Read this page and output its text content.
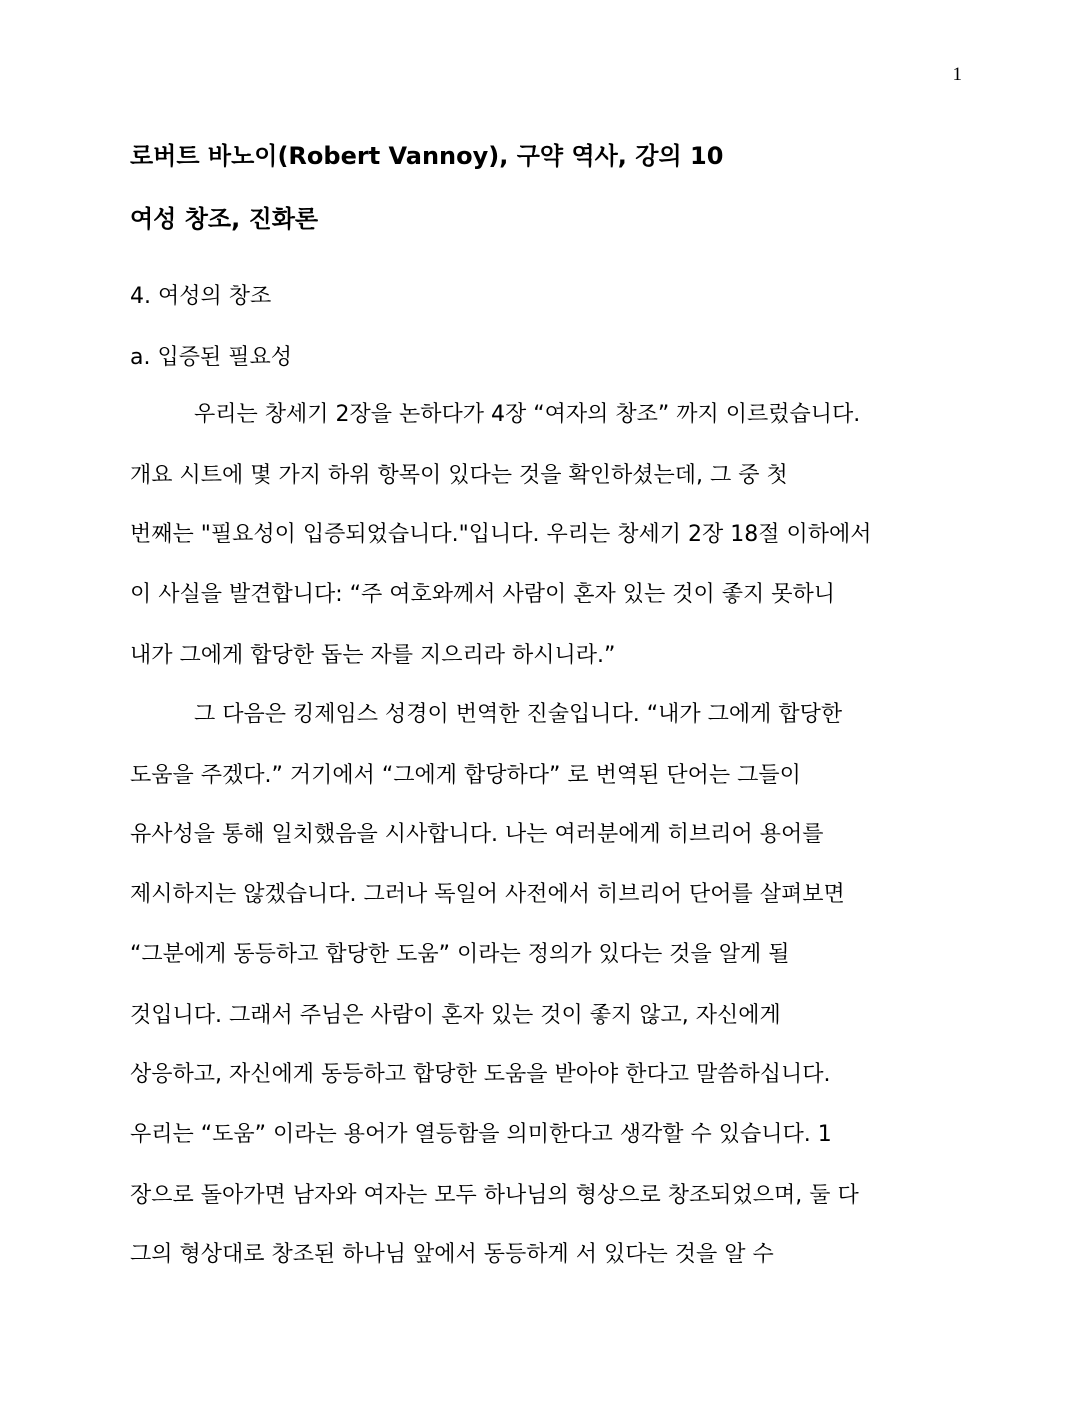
1
로버트 바노이(Robert Vannoy), 구약 역사, 강의 10
여성 창조, 진화론
4. 여성의 창조
a. 입증된 필요성
우리는 창세기 2장을 논하다가 4장 “여자의 창조” 까지 이르렀습니다.
개요 시트에 몇 가지 하위 항목이 있다는 것을 확인하셨는데, 그 중 첫
번째는 "필요성이 입증되었습니다."입니다. 우리는 창세기 2장 18절 이하에서
이 사실을 발견합니다: “주 여호와께서 사람이 혼자 있는 것이 좋지 못하니
내가 그에게 합당한 돕는 자를 지으리라 하시니라.”
그 다음은 킹제임스 성경이 번역한 진술입니다. “내가 그에게 합당한
도움을 주겠다.” 거기에서 “그에게 합당하다” 로 번역된 단어는 그들이
유사성을 통해 일치했음을 시사합니다. 나는 여러분에게 히브리어 용어를
제시하지는 않겠습니다. 그러나 독일어 사전에서 히브리어 단어를 살펴보면
“그분에게 동등하고 합당한 도움” 이라는 정의가 있다는 것을 알게 될
것입니다. 그래서 주님은 사람이 혼자 있는 것이 좋지 않고, 자신에게
상응하고, 자신에게 동등하고 합당한 도움을 받아야 한다고 말씀하십니다.
우리는 “도움” 이라는 용어가 열등함을 의미한다고 생각할 수 있습니다. 1
장으로 돌아가면 남자와 여자는 모두 하나님의 형상으로 창조되었으며, 둘 다
그의 형상대로 창조된 하나님 앞에서 동등하게 서 있다는 것을 알 수
